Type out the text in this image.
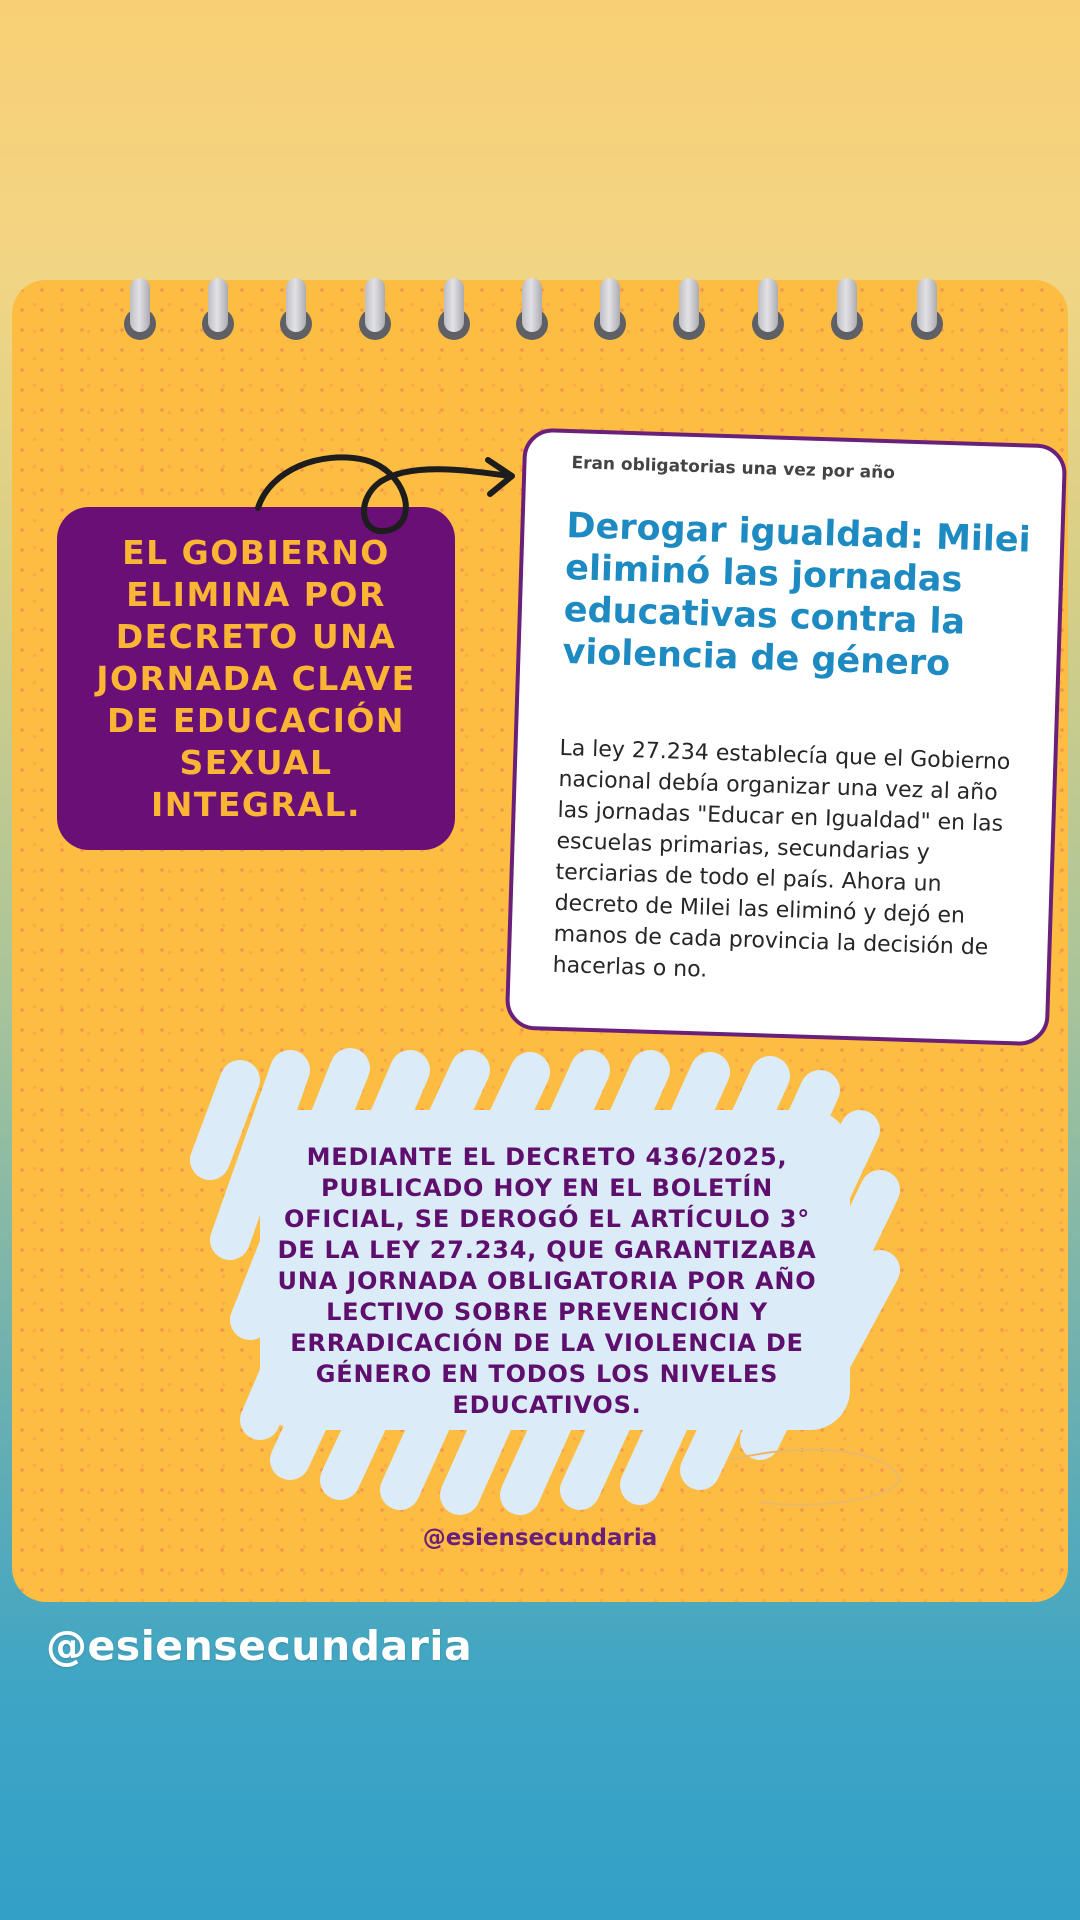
EL GOBIERNO ELIMINA POR DECRETO UNA JORNADA CLAVE DE EDUCACIÓN SEXUAL INTEGRAL.
Eran obligatorias una vez por año
Derogar igualdad: Milei eliminó las jornadas educativas contra la violencia de género
La ley 27.234 establecía que el Gobierno nacional debía organizar una vez al año las jornadas "Educar en Igualdad" en las escuelas primarias, secundarias y terciarias de todo el país. Ahora un decreto de Milei las eliminó y dejó en manos de cada provincia la decisión de hacerlas o no.
MEDIANTE EL DECRETO 436/2025, PUBLICADO HOY EN EL BOLETÍN OFICIAL, SE DEROGÓ EL ARTÍCULO 3° DE LA LEY 27.234, QUE GARANTIZABA UNA JORNADA OBLIGATORIA POR AÑO LECTIVO SOBRE PREVENCIÓN Y ERRADICACIÓN DE LA VIOLENCIA DE GÉNERO EN TODOS LOS NIVELES EDUCATIVOS.
@esiensecundaria
@esiensecundaria
